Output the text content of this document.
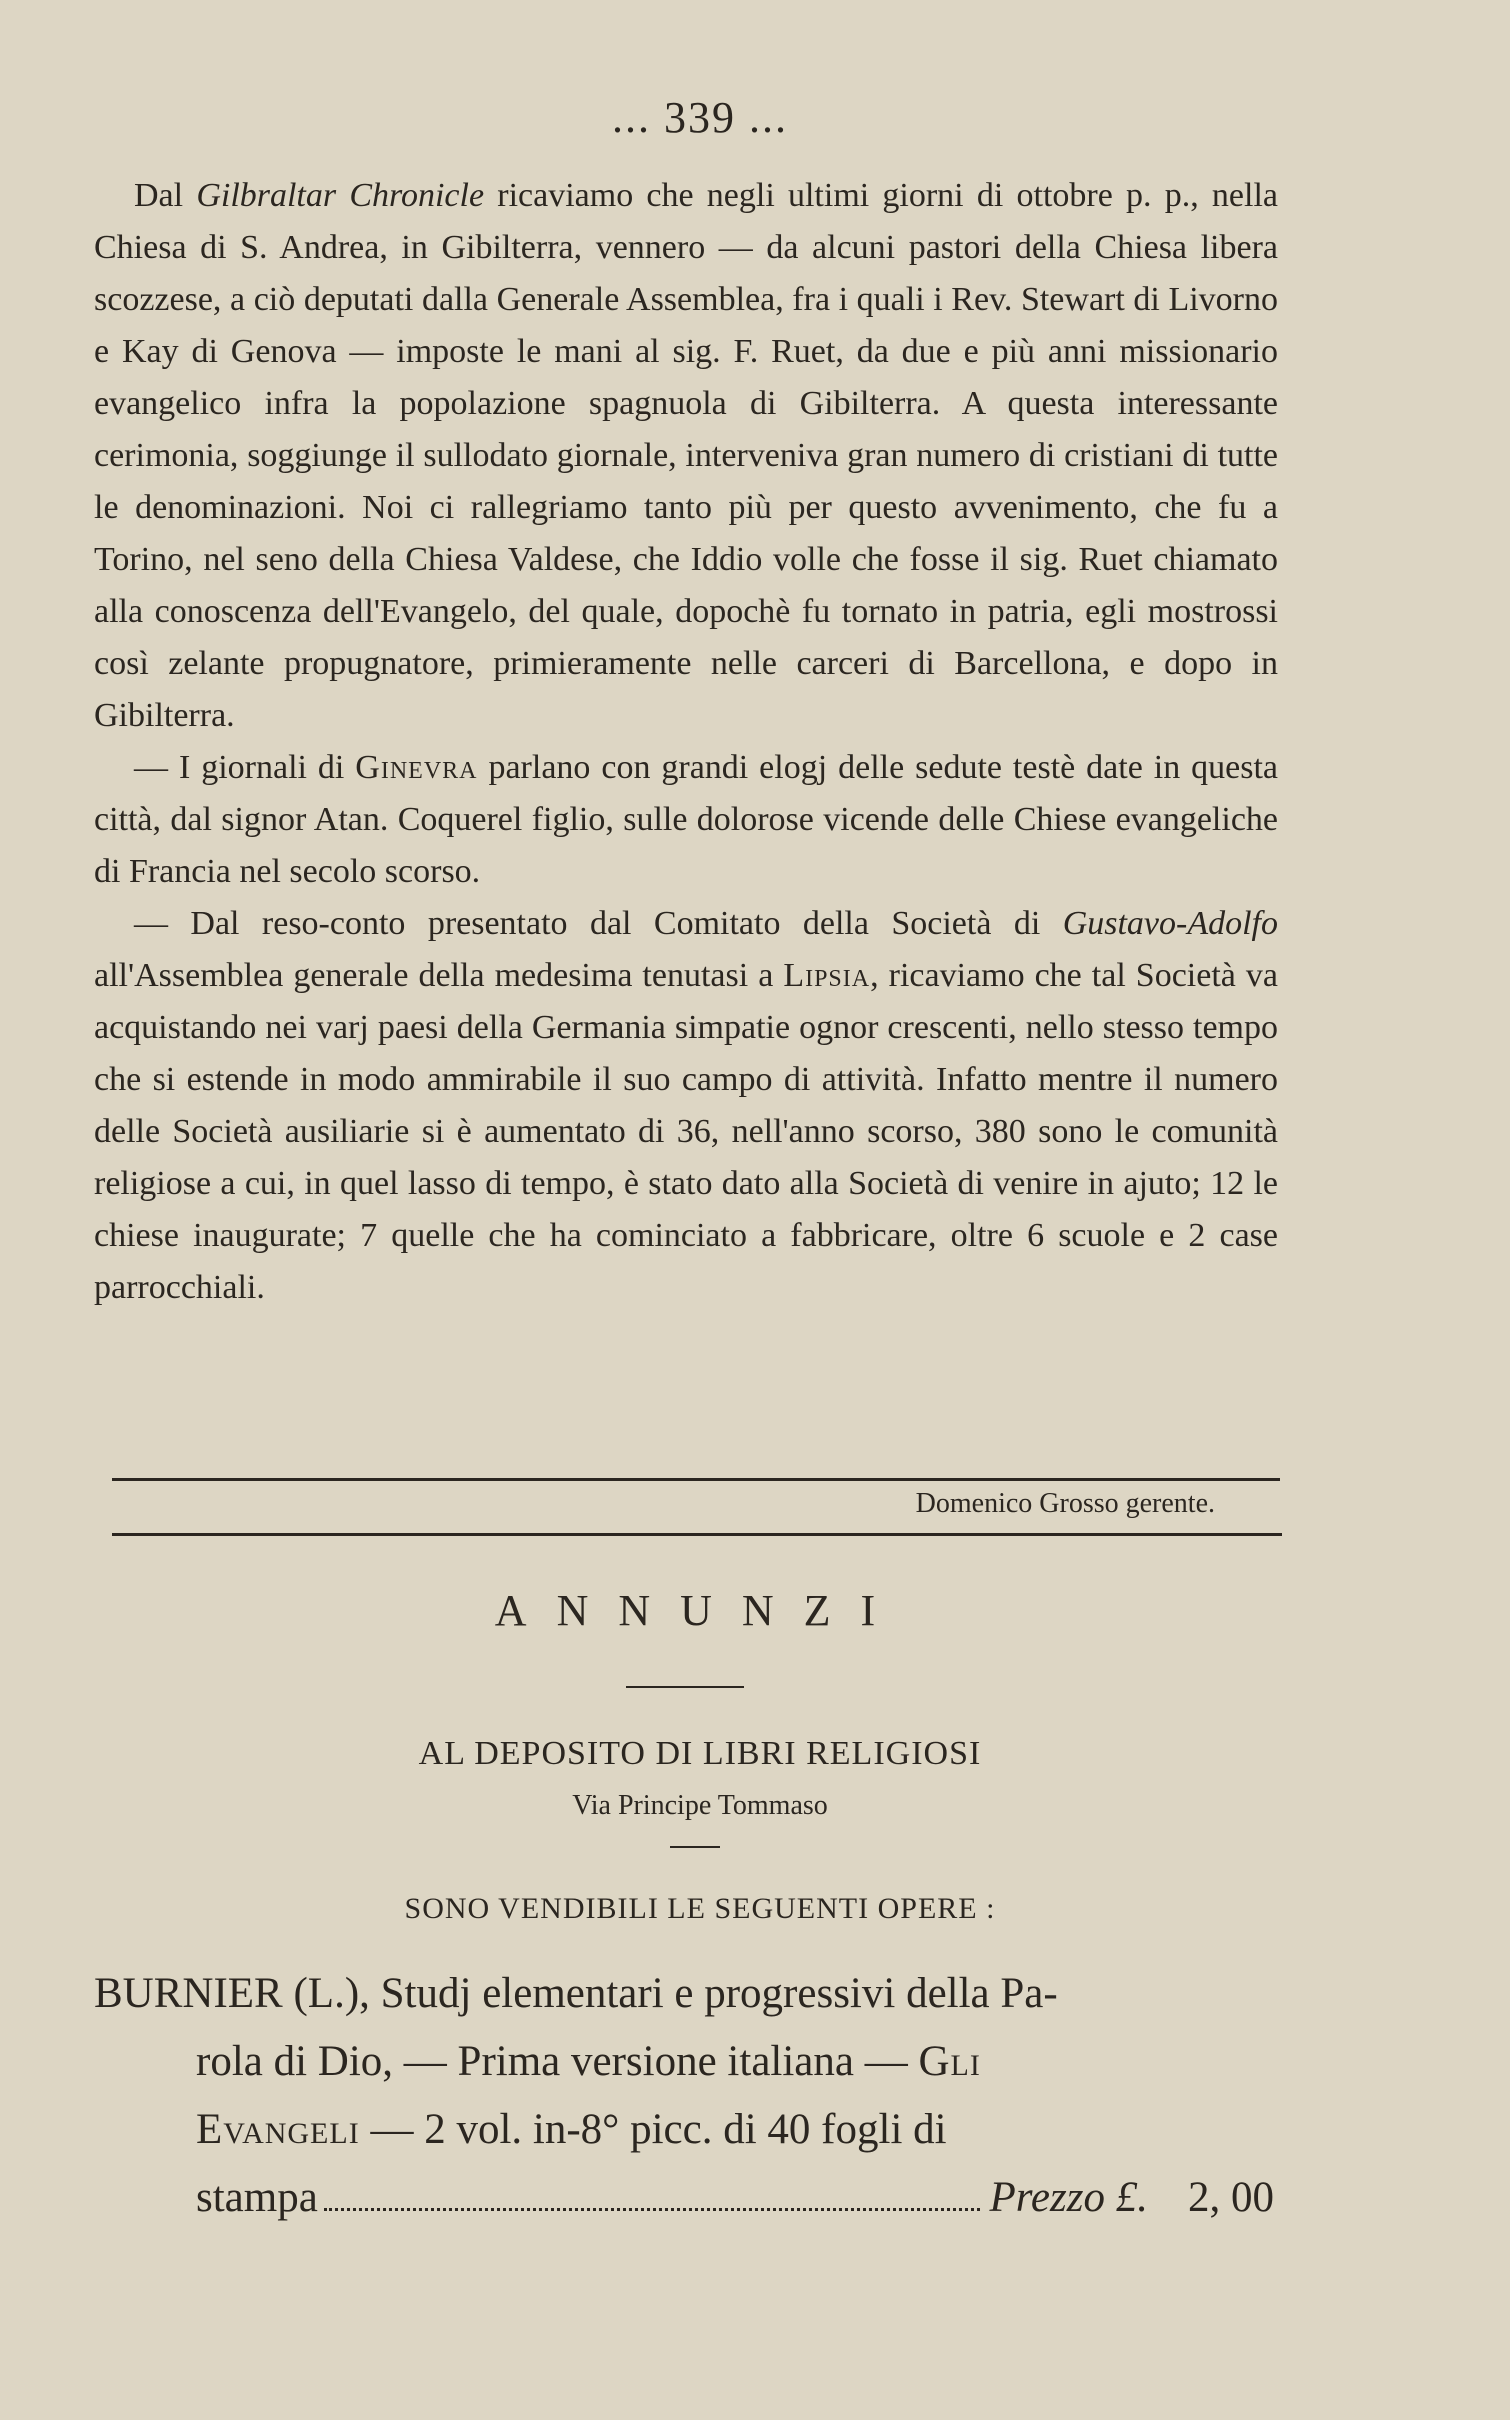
... 339 ...

Dal Gilbraltar Chronicle ricaviamo che negli ultimi giorni di ottobre p. p., nella Chiesa di S. Andrea, in Gibilterra, vennero — da alcuni pastori della Chiesa libera scozzese, a ciò deputati dalla Generale Assemblea, fra i quali i Rev. Stewart di Livorno e Kay di Genova — imposte le mani al sig. F. Ruet, da due e più anni missionario evangelico infra la popolazione spagnuola di Gibilterra. A questa interessante cerimonia, soggiunge il sullodato giornale, interveniva gran numero di cristiani di tutte le denominazioni. Noi ci rallegriamo tanto più per questo avvenimento, che fu a Torino, nel seno della Chiesa Valdese, che Iddio volle che fosse il sig. Ruet chiamato alla conoscenza dell'Evangelo, del quale, dopochè fu tornato in patria, egli mostrossi così zelante propugnatore, primieramente nelle carceri di Barcellona, e dopo in Gibilterra.

— I giornali di Ginevra parlano con grandi elogj delle sedute testè date in questa città, dal signor Atan. Coquerel figlio, sulle dolorose vicende delle Chiese evangeliche di Francia nel secolo scorso.

— Dal reso-conto presentato dal Comitato della Società di Gustavo-Adolfo all'Assemblea generale della medesima tenutasi a Lipsia, ricaviamo che tal Società va acquistando nei varj paesi della Germania simpatie ognor crescenti, nello stesso tempo che si estende in modo ammirabile il suo campo di attività. Infatto mentre il numero delle Società ausiliarie si è aumentato di 36, nell'anno scorso, 380 sono le comunità religiose a cui, in quel lasso di tempo, è stato dato alla Società di venire in ajuto; 12 le chiese inaugurate; 7 quelle che ha cominciato a fabbricare, oltre 6 scuole e 2 case parrocchiali.

Domenico Grosso gerente.
ANNUNZI
AL DEPOSITO DI LIBRI RELIGIOSI
Via Principe Tommaso
SONO VENDIBILI LE SEGUENTI OPERE :

BURNIER (L.), Studj elementari e progressivi della Pa-

rola di Dio, — Prima versione italiana — Gli

Evangeli — 2 vol. in-8° picc. di 40 fogli di

stampa	Prezzo £. 2, 00
